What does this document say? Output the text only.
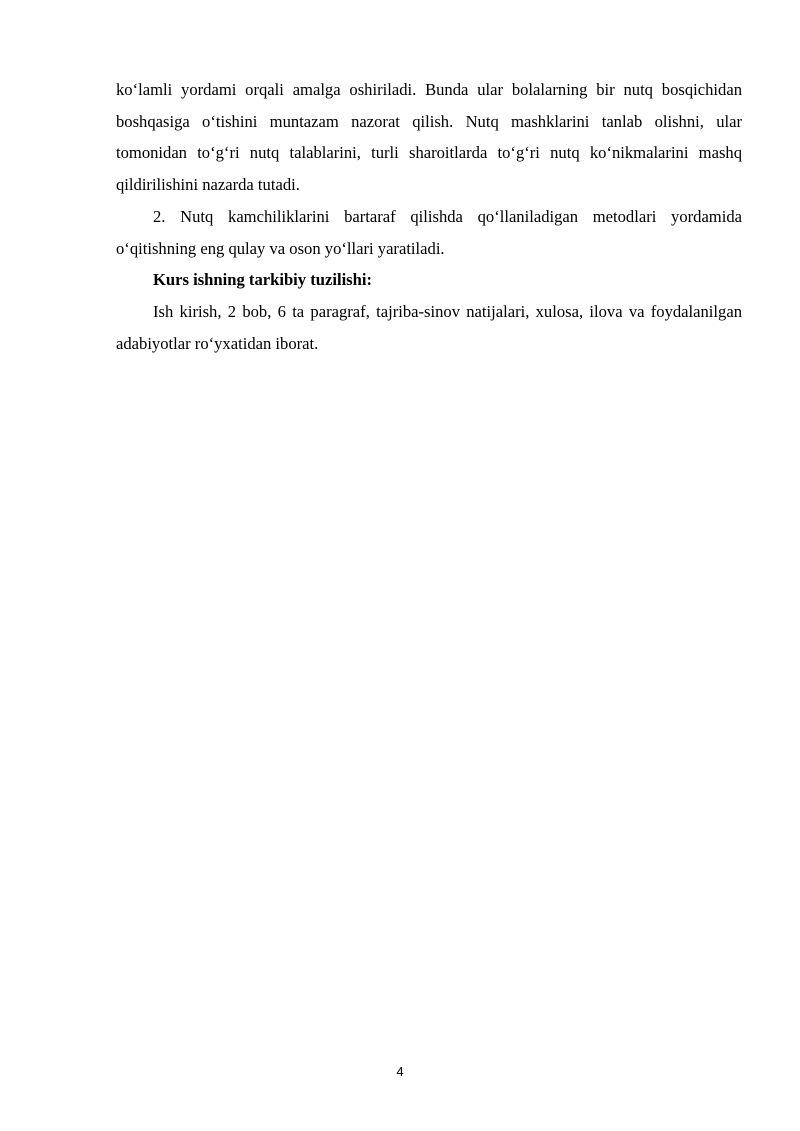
ko‘lamli yordami orqali amalga oshiriladi. Bunda ular bolalarning bir nutq bosqichidan boshqasiga o‘tishini muntazam nazorat qilish. Nutq mashklarini tanlab olishni, ular tomonidan to‘g‘ri nutq talablarini, turli sharoitlarda to‘g‘ri nutq ko‘nikmalarini mashq qildirilishini nazarda tutadi.

2. Nutq kamchiliklarini bartaraf qilishda qo‘llaniladigan metodlari yordamida o‘qitishning eng qulay va oson yo‘llari yaratiladi.

Kurs ishning tarkibiy tuzilishi:

Ish kirish, 2 bob, 6 ta paragraf, tajriba-sinov natijalari, xulosa, ilova va foydalanilgan adabiyotlar ro‘yxatidan iborat.

4
